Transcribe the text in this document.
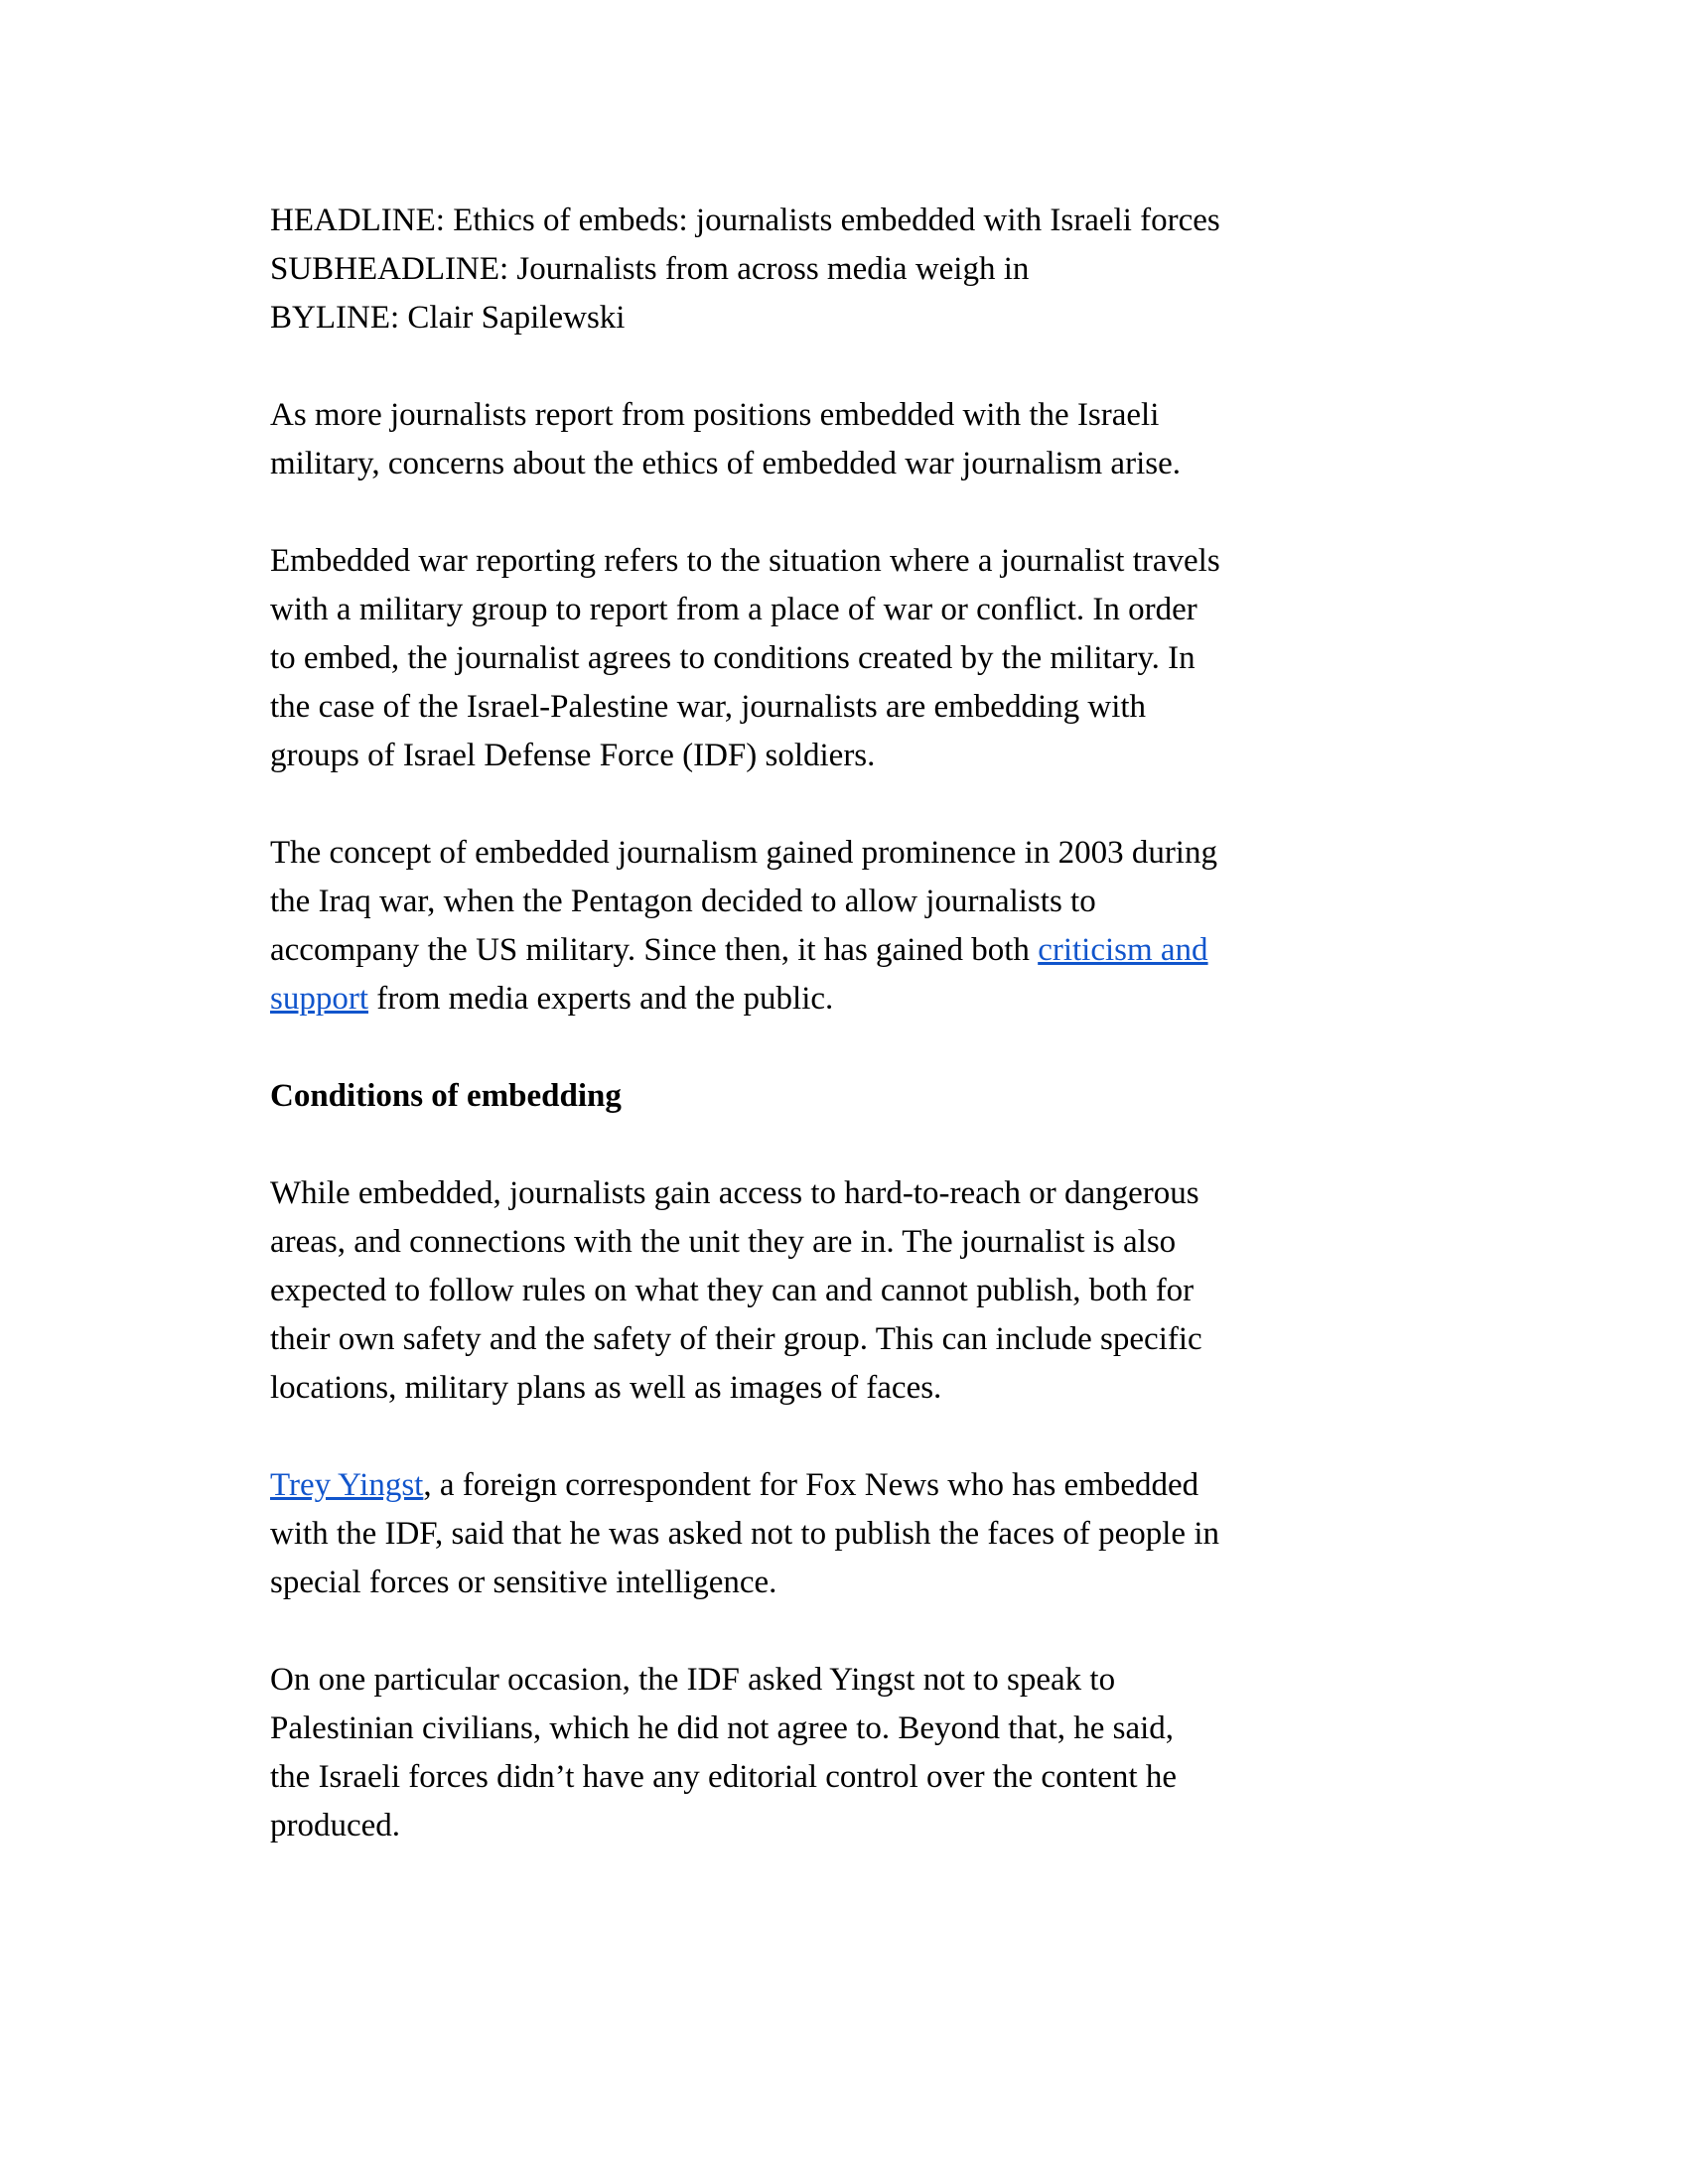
HEADLINE: Ethics of embeds: journalists embedded with Israeli forces
SUBHEADLINE: Journalists from across media weigh in
BYLINE: Clair Sapilewski

As more journalists report from positions embedded with the Israeli
military, concerns about the ethics of embedded war journalism arise.

Embedded war reporting refers to the situation where a journalist travels
with a military group to report from a place of war or conflict. In order
to embed, the journalist agrees to conditions created by the military. In
the case of the Israel-Palestine war, journalists are embedding with
groups of Israel Defense Force (IDF) soldiers.

The concept of embedded journalism gained prominence in 2003 during
the Iraq war, when the Pentagon decided to allow journalists to
accompany the US military. Since then, it has gained both criticism and
support from media experts and the public.

Conditions of embedding

While embedded, journalists gain access to hard-to-reach or dangerous
areas, and connections with the unit they are in. The journalist is also
expected to follow rules on what they can and cannot publish, both for
their own safety and the safety of their group. This can include specific
locations, military plans as well as images of faces.

Trey Yingst, a foreign correspondent for Fox News who has embedded
with the IDF, said that he was asked not to publish the faces of people in
special forces or sensitive intelligence.

On one particular occasion, the IDF asked Yingst not to speak to
Palestinian civilians, which he did not agree to. Beyond that, he said,
the Israeli forces didn’t have any editorial control over the content he
produced.
